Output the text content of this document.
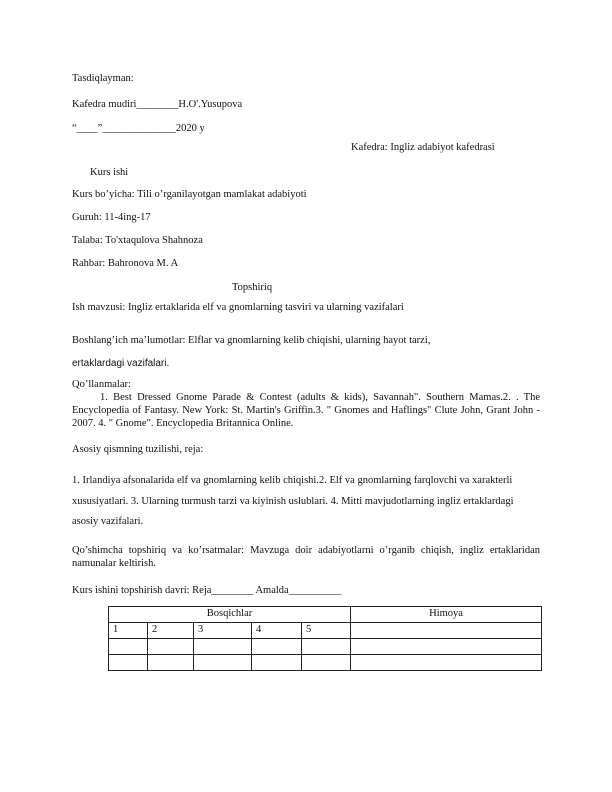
Tasdiqlayman:
Kafedra mudiri________H.O'.Yusupova
“____”______________2020 y
Kafedra: Ingliz adabiyot kafedrasi
Kurs ishi
Kurs bo’yicha: Tili o’rganilayotgan mamlakat adabiyoti
Guruh: 11-4ing-17
Talaba: To'xtaqulova Shahnoza
Rahbar: Bahronova M. A
Topshiriq
Ish mavzusi: Ingliz ertaklarida elf va gnomlarning tasviri va ularning vazifalari
Boshlang’ich ma’lumotlar: Elflar va gnomlarning kelib chiqishi, ularning hayot tarzi,
ertaklardagi vazifalari.
Qo’llanmalar:
1. Best Dressed Gnome Parade & Contest (adults & kids), Savannah". Southern Mamas.2. . The Encyclopedia of Fantasy. New York: St. Martin's Griffin.3. " Gnomes and Haflings" Clute John, Grant John - 2007. 4. " Gnome". Encyclopedia Britannica Online.
Asosiy qismning tuzilishi, reja:
1. Irlandiya afsonalarida elf va gnomlarning kelib chiqishi.2. Elf va gnomlarning farqlovchi va xarakterli
xususiyatlari. 3. Ularning turmush tarzi va kiyinish uslublari. 4. Mitti mavjudotlarning ingliz ertaklardagi
asosiy vazifalari.
Qo’shimcha topshiriq va ko’rsatmalar: Mavzuga doir adabiyotlarni o’rganib chiqish, ingliz ertaklaridan namunalar keltirish.
Kurs ishini topshirish davri: Reja________ Amalda__________
Bosqichlar					Himoya
1	2	3	4	5	
